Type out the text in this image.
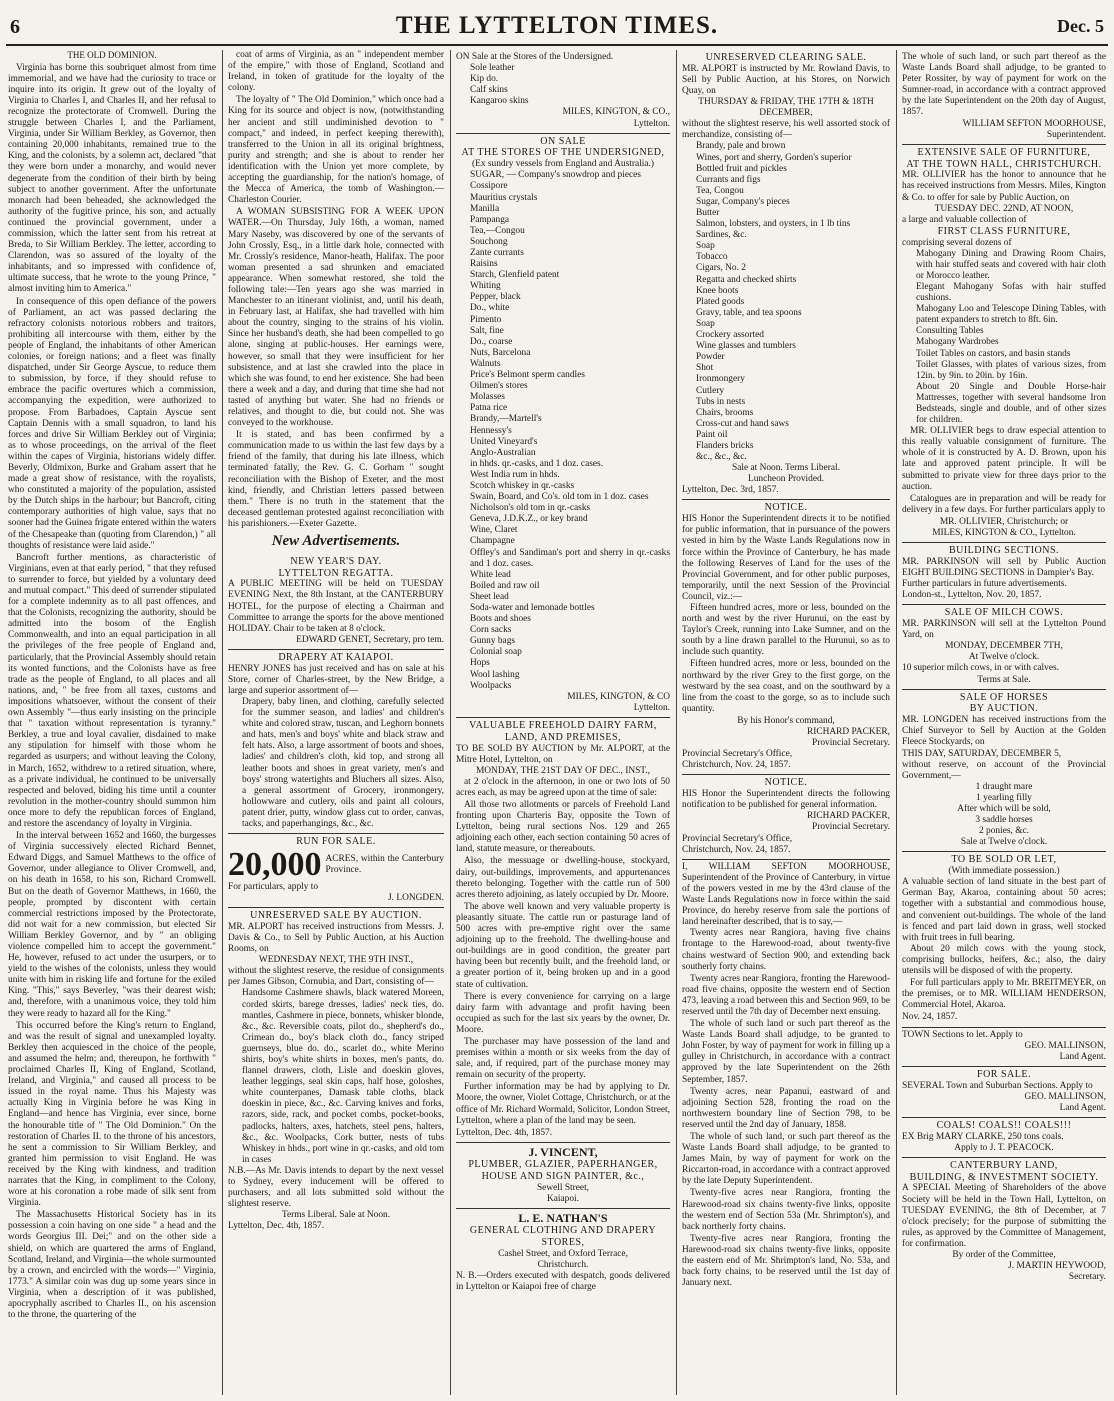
6	THE LYTTELTON TIMES.	Dec. 5
THE OLD DOMINION.

Virginia has borne this soubriquet almost from time immemorial, and we have had the curiosity to trace or inquire into its origin. It grew out of the loyalty of Virginia to Charles I, and Charles II, and her refusal to recognize the protectorate of Cromwell. During the struggle between Charles I, and the Parliament, Virginia, under Sir William Berkley, as Governor, then containing 20,000 inhabitants, remained true to the King, and the colonists, by a solemn act, declared "that they were born under a monarchy, and would never degenerate from the condition of their birth by being subject to another government. After the unfortunate monarch had been beheaded, she acknowledged the authority of the fugitive prince, his son, and actually continued the provincial government, under a commission, which the latter sent from his retreat at Breda, to Sir William Berkley. The letter, according to Clarendon, was so assured of the loyalty of the inhabitants, and so impressed with confidence of, ultimate success, that he wrote to the young Prince, " almost inviting him to America."

In consequence of this open defiance of the powers of Parliament, an act was passed declaring the refractory colonists notorious robbers and traitors, prohibiting all intercourse with them, either by the people of England, the inhabitants of other American colonies, or foreign nations; and a fleet was finally dispatched, under Sir George Ayscue, to reduce them to submission, by force, if they should refuse to embrace the pacific overtures which a commission, accompanying the expedition, were authorized to propose. From Barbadoes, Captain Ayscue sent Captain Dennis with a small squadron, to land his forces and drive Sir William Berkley out of Virginia; as to whose proceedings, on the arrival of the fleet within the capes of Virginia, historians widely differ. Beverly, Oldmixon, Burke and Graham assert that he made a great show of resistance, with the royalists, who constituted a majority of the population, assisted by the Dutch ships in the harbour; but Bancroft, citing contemporary authorities of high value, says that no sooner had the Guinea frigate entered within the waters of the Chesapeake than (quoting from Clarendon,) " all thoughts of resistance were laid aside."

Bancroft further mentions, as characteristic of Virginians, even at that early period, " that they refused to surrender to force, but yielded by a voluntary deed and mutual compact." This deed of surrender stipulated for a complete indemnity as to all past offences, and that the Colonists, recognizing the authority, should be admitted into the bosom of the English Commonwealth, and into an equal participation in all the privileges of the free people of England and, particularly, that the Provincial Assembly should retain its wonted functions, and the Colonists have as free trade as the people of England, to all places and all nations, and, " be free from all taxes, customs and impositions whatsoever, without the consent of their own Assembly "—thus early insisting on the principle that " taxation without representation is tyranny." Berkley, a true and loyal cavalier, disdained to make any stipulation for himself with those whom he regarded as usurpers; and without leaving the Colony, in March, 1652, withdrew to a retired situation, where, as a private individual, he continued to be universally respected and beloved, biding his time until a counter revolution in the mother-country should summon him once more to defy the republican forces of England, and restore the ascendancy of loyalty in Virginia.

In the interval between 1652 and 1660, the burgesses of Virginia successively elected Richard Bennet, Edward Diggs, and Samuel Matthews to the office of Governor, under allegiance to Oliver Cromwell, and, on his death in 1658, to his son, Richard Cromwell. But on the death of Governor Matthews, in 1660, the people, prompted by discontent with certain commercial restrictions imposed by the Protectorate, did not wait for a new commission, but elected Sir William Berkley Governor, and by " an obliging violence compelled him to accept the government." He, however, refused to act under the usurpers, or to yield to the wishes of the colonists, unless they would unite with him in risking life and fortune for the exiled King. "This," says Beverley, "was their dearest wish; and, therefore, with a unanimous voice, they told him they were ready to hazard all for the King."

This occurred before the King's return to England, and was the result of signal and unexampled loyalty. Berkley then acquiesced in the choice of the people, and assumed the helm; and, thereupon, he forthwith " proclaimed Charles II, King of England, Scotland, Ireland, and Virginia," and caused all process to be issued in the royal name. Thus his Majesty was actually King in Virginia before he was King in England—and hence has Virginia, ever since, borne the honourable title of " The Old Dominion." On the restoration of Charles II. to the throne of his ancestors, he sent a commission to Sir William Berkley, and granted him permission to visit England. He was received by the King with kindness, and tradition narrates that the King, in compliment to the Colony, wore at his coronation a robe made of silk sent from Virginia.

The Massachusetts Historical Society has in its possession a coin having on one side " a head and the words Georgius III. Dei;" and on the other side a shield, on which are quartered the arms of England, Scotland, Ireland, and Virginia—the whole surmounted by a crown, and encircled with the words—" Virginia, 1773." A similar coin was dug up some years since in Virginia, when a description of it was published, apocryphally ascribed to Charles II., on his ascension to the throne, the quartering of the

coat of arms of Virginia, as an " independent member of the empire," with those of England, Scotland and Ireland, in token of gratitude for the loyalty of the colony.

The loyalty of " The Old Dominion," which once had a King for its source and object is now, (notwithstanding her ancient and still undiminished devotion to " compact," and indeed, in perfect keeping therewith), transferred to the Union in all its original brightness, purity and strength; and she is about to render her identification with the Union yet more complete, by accepting the guardianship, for the nation's homage, of the Mecca of America, the tomb of Washington.—Charleston Courier.

A WOMAN SUBSISTING FOR A WEEK UPON WATER.—On Thursday, July 16th, a woman, named Mary Naseby, was discovered by one of the servants of John Crossly, Esq., in a little dark hole, connected with Mr. Crossly's residence, Manor-heath, Halifax. The poor woman presented a sad shrunken and emaciated appearance. When somewhat restored, she told the following tale:—Ten years ago she was married in Manchester to an itinerant violinist, and, until his death, in February last, at Halifax, she had travelled with him about the country, singing to the strains of his violin. Since her husband's death, she had been compelled to go alone, singing at public-houses. Her earnings were, however, so small that they were insufficient for her subsistence, and at last she crawled into the place in which she was found, to end her existence. She had been there a week and a day, and during that time she had not tasted of anything but water. She had no friends or relatives, and thought to die, but could not. She was conveyed to the workhouse.

It is stated, and has been confirmed by a communication made to us within the last few days by a friend of the family, that during his late illness, which terminated fatally, the Rev. G. C. Gorham " sought reconciliation with the Bishop of Exeter, and the most kind, friendly, and Christian letters passed between them." There is no truth in the statement that the deceased gentleman protested against reconciliation with his parishioners.—Exeter Gazette.

New Advertisements.
NEW YEAR'S DAY.
LYTTELTON REGATTA.
A PUBLIC MEETING will be held on TUESDAY EVENING Next, the 8th Instant, at the CANTERBURY HOTEL, for the purpose of electing a Chairman and Committee to arrange the sports for the above mentioned HOLIDAY. Chair to be taken at 8 o'clock.
EDWARD GENET, Secretary, pro tem.
DRAPERY AT KAIAPOI.
HENRY JONES has just received and has on sale at his Store, corner of Charles-street, by the New Bridge, a large and superior assortment of—
Drapery, baby linen, and clothing, carefully selected for the summer season, and ladies' and children's white and colored straw, tuscan, and Leghorn bonnets and hats, men's and boys' white and black straw and felt hats. Also, a large assortment of boots and shoes, ladies' and children's cloth, kid top, and strong all leather boots and shoes in great variety, men's and boys' strong watertights and Bluchers all sizes. Also, a general assortment of Grocery, ironmongery, hollowware and cutlery, oils and paint all colours, patent drier, putty, window glass cut to order, canvas, tacks, and paperhangings, &c., &c.
RUN FOR SALE.
20,000 ACRES, within the Canterbury Province.
For particulars, apply to
J. LONGDEN.
UNRESERVED SALE BY AUCTION.
MR. ALPORT has received instructions from Messrs. J. Davis & Co., to Sell by Public Auction, at his Auction Rooms, on
WEDNESDAY NEXT, THE 9TH INST.,
without the slightest reserve, the residue of consignments per James Gibson, Cornubia, and Dart, consisting of—
Handsome Cashmere shawls, black watered Moreen, corded skirts, barege dresses, ladies' neck ties, do. mantles, Cashmere in piece, bonnets, whisker blonde, &c., &c. Reversible coats, pilot do., shepherd's do., Crimean do., boy's black cloth do., fancy striped guernseys, blue do. do., scarlet do., white Merino shirts, boy's white shirts in boxes, men's pants, do. flannel drawers, cloth, Lisle and doeskin gloves, leather leggings, seal skin caps, half hose, goloshes, white counterpanes, Damask table cloths, black doeskin in piece, &c., &c. Carving knives and forks, razors, side, rack, and pocket combs, pocket-books, padlocks, halters, axes, hatchets, steel pens, halters, &c., &c. Woolpacks, Cork butter, nests of tubs Whiskey in hhds., port wine in qr.-casks, and old tom in cases
N.B.—As Mr. Davis intends to depart by the next vessel to Sydney, every inducement will be offered to purchasers, and all lots submitted sold without the slightest reserve.
Terms Liberal. Sale at Noon.
Lyttelton, Dec. 4th, 1857.
ON Sale at the Stores of the Undersigned.
Sole leather
Kip do.
Calf skins
Kangaroo skins
MILES, KINGTON, & CO.,
Lyttelton.
ON SALE
AT THE STORES OF THE UNDERSIGNED,
(Ex sundry vessels from England and Australia.)
SUGAR, — Company's snowdrop and pieces
Cossipore
Mauritius crystals
Manilla
Pampanga
Tea,—Congou
Souchong
Zante currants
Raisins
Starch, Glenfield patent
Whiting
Pepper, black
Do., white
Pimento
Salt, fine
Do., coarse
Nuts, Barcelona
Walnuts
Price's Belmont sperm candles
Oilmen's stores
Molasses
Patna rice
Brandy,—Martell's
Hennessy's
United Vineyard's
Anglo-Australian
in hhds. qr.-casks, and 1 doz. cases.
West India rum in hhds.
Scotch whiskey in qr.-casks
Swain, Board, and Co's. old tom in 1 doz. cases
Nicholson's old tom in qr.-casks
Geneva, J.D.K.Z., or key brand
Wine, Claret
Champagne
Offley's and Sandiman's port and sherry in qr.-casks and 1 doz. cases.
White lead
Boiled and raw oil
Sheet lead
Soda-water and lemonade bottles
Boots and shoes
Corn sacks
Gunny bags
Colonial soap
Hops
Wool lashing
Woolpacks
MILES, KINGTON, & CO
Lyttelton.
VALUABLE FREEHOLD DAIRY FARM, LAND, AND PREMISES,
TO BE SOLD BY AUCTION by Mr. ALPORT, at the Mitre Hotel, Lyttelton, on
MONDAY, THE 21ST DAY OF DEC., INST.,

at 2 o'clock in the afternoon, in one or two lots of 50 acres each, as may be agreed upon at the time of sale:

All those two allotments or parcels of Freehold Land fronting upon Charteris Bay, opposite the Town of Lyttelton, being rural sections Nos. 129 and 265 adjoining each other, each section containing 50 acres of land, statute measure, or thereabouts.

Also, the messuage or dwelling-house, stockyard, dairy, out-buildings, improvements, and appurtenances thereto belonging. Together with the cattle run of 500 acres thereto adjoining, as lately occupied by Dr. Moore.

The above well known and very valuable property is pleasantly situate. The cattle run or pasturage land of 500 acres with pre-emptive right over the same adjoining up to the freehold. The dwelling-house and out-buildings are in good condition, the greater part having been but recently built, and the freehold land, or a greater portion of it, being broken up and in a good state of cultivation.

There is every convenience for carrying on a large dairy farm with advantage and profit having been occupied as such for the last six years by the owner, Dr. Moore.

The purchaser may have possession of the land and premises within a month or six weeks from the day of sale, and, if required, part of the purchase money may remain on security of the property.

Further information may be had by applying to Dr. Moore, the owner, Violet Cottage, Christchurch, or at the office of Mr. Richard Wormald, Solicitor, London Street, Lyttelton, where a plan of the land may be seen.

Lyttelton, Dec. 4th, 1857.
J. VINCENT,
PLUMBER, GLAZIER, PAPERHANGER,
HOUSE AND SIGN PAINTER, &c.,
Sewell Street,
Kaiapoi.
L. E. NATHAN'S
GENERAL CLOTHING AND DRAPERY STORES,
Cashel Street, and Oxford Terrace,
Christchurch.
N. B.—Orders executed with despatch, goods delivered in Lyttelton or Kaiapoi free of charge
UNRESERVED CLEARING SALE.
MR. ALPORT is instructed by Mr. Rowland Davis, to Sell by Public Auction, at his Stores, on Norwich Quay, on
THURSDAY & FRIDAY, THE 17TH & 18TH DECEMBER,
without the slightest reserve, his well assorted stock of merchandize, consisting of—
Brandy, pale and brown
Wines, port and sherry, Gorden's superior
Bottled fruit and pickles
Currants and figs
Tea, Congou
Sugar, Company's pieces
Butter
Salmon, lobsters, and oysters, in 1 lb tins
Sardines, &c.
Soap
Tobacco
Cigars, No. 2
Regatta and checked shirts
Knee boots
Plated goods
Gravy, table, and tea spoons
Soap
Crockery assorted
Wine glasses and tumblers
Powder
Shot
Ironmongery
Cutlery
Tubs in nests
Chairs, brooms
Cross-cut and hand saws
Paint oil
Flanders bricks
&c., &c., &c.
Sale at Noon. Terms Liberal.
Luncheon Provided.
Lyttelton, Dec. 3rd, 1857.
NOTICE.
HIS Honor the Superintendent directs it to be notified for public information, that in pursuance of the powers vested in him by the Waste Lands Regulations now in force within the Province of Canterbury, he has made the following Reserves of Land for the uses of the Provincial Government, and for other public purposes, temporarily, until the next Session of the Provincial Council, viz.:—

Fifteen hundred acres, more or less, bounded on the north and west by the river Hurunui, on the east by Taylor's Creek, running into Lake Sumner, and on the south by a line drawn parallel to the Hurunui, so as to include such quantity.

Fifteen hundred acres, more or less, bounded on the northward by the river Grey to the first gorge, on the westward by the sea coast, and on the southward by a line from the coast to the gorge, so as to include such quantity.

By his Honor's command,
RICHARD PACKER,
Provincial Secretary.
Provincial Secretary's Office,
Christchurch, Nov. 24, 1857.
NOTICE.
HIS Honor the Superintendent directs the following notification to be published for general information.
RICHARD PACKER,
Provincial Secretary.
Provincial Secretary's Office,
Christchurch, Nov. 24, 1857.
I, WILLIAM SEFTON MOORHOUSE, Superintendent of the Province of Canterbury, in virtue of the powers vested in me by the 43rd clause of the Waste Lands Regulations now in force within the said Province, do hereby reserve from sale the portions of land hereinafter described, that is to say,—

Twenty acres near Rangiora, having five chains frontage to the Harewood-road, about twenty-five chains westward of Section 900, and extending back southerly forty chains.

Twenty acres near Rangiora, fronting the Harewood-road five chains, opposite the western end of Section 473, leaving a road between this and Section 969, to be reserved until the 7th day of December next ensuing.

The whole of such land or such part thereof as the Waste Lands Board shall adjudge, to be granted to John Foster, by way of payment for work in filling up a gulley in Christchurch, in accordance with a contract approved by the late Superintendent on the 26th September, 1857.

Twenty acres, near Papanui, eastward of and adjoining Section 528, fronting the road on the northwestern boundary line of Section 798, to be reserved until the 2nd day of January, 1858.

The whole of such land, or such part thereof as the Waste Lands Board shall adjudge, to be granted to James Main, by way of payment for work on the Riccarton-road, in accordance with a contract approved by the late Deputy Superintendent.

Twenty-five acres near Rangiora, fronting the Harewood-road six chains twenty-five links, opposite the western end of Section 53a (Mr. Shrimpton's), and back northerly forty chains.

Twenty-five acres near Rangiora, fronting the Harewood-road six chains twenty-five links, opposite the eastern end of Mr. Shrimpton's land, No. 53a, and back forty chains, to be reserved until the 1st day of January next.

The whole of such land, or such part thereof as the Waste Lands Board shall adjudge, to be granted to Peter Rossiter, by way of payment for work on the Sumner-road, in accordance with a contract approved by the late Superintendent on the 20th day of August, 1857.
WILLIAM SEFTON MOORHOUSE,
Superintendent.
EXTENSIVE SALE OF FURNITURE,
AT THE TOWN HALL, CHRISTCHURCH.
MR. OLLIVIER has the honor to announce that he has received instructions from Messrs. Miles, Kington & Co. to offer for sale by Public Auction, on
TUESDAY DEC. 22ND, AT NOON,
a large and valuable collection of
FIRST CLASS FURNITURE,
comprising several dozens of
Mahogany Dining and Drawing Room Chairs, with hair stuffed seats and covered with hair cloth or Morocco leather.
Elegant Mahogany Sofas with hair stuffed cushions.
Mahogany Loo and Telescope Dining Tables, with patent expanders to stretch to 8ft. 6in.
Consulting Tables
Mahogany Wardrobes
Toilet Tables on castors, and basin stands
Toilet Glasses, with plates of various sizes, from 12in. by 9in. to 20in. by 16in.
About 20 Single and Double Horse-hair Mattresses, together with several handsome Iron Bedsteads, single and double, and of other sizes for children.

MR. OLLIVIER begs to draw especial attention to this really valuable consignment of furniture. The whole of it is constructed by A. D. Brown, upon his late and approved patent principle. It will be submitted to private view for three days prior to the auction.

Catalogues are in preparation and will be ready for delivery in a few days. For further particulars apply to

MR. OLLIVIER, Christchurch; or
MILES, KINGTON & CO., Lyttelton.
BUILDING SECTIONS.
MR. PARKINSON will sell by Public Auction EIGHT BUILDING SECTIONS in Dampier's Bay.
Further particulars in future advertisements.
London-st., Lyttelton, Nov. 20, 1857.
SALE OF MILCH COWS.
MR. PARKINSON will sell at the Lyttelton Pound Yard, on
MONDAY, DECEMBER 7TH,
At Twelve o'clock.
10 superior milch cows, in or with calves.
Terms at Sale.
SALE OF HORSES
BY AUCTION.
MR. LONGDEN has received instructions from the Chief Surveyor to Sell by Auction at the Golden Fleece Stockyards, on
THIS DAY, SATURDAY, DECEMBER 5,
without reserve, on account of the Provincial Government,—
1 draught mare
1 yearling filly
After which will be sold,
3 saddle horses
2 ponies, &c.
Sale at Twelve o'clock.
TO BE SOLD OR LET,
(With immediate possession.)
A valuable section of land situate in the best part of German Bay, Akaroa, containing about 50 acres; together with a substantial and commodious house, and convenient out-buildings. The whole of the land is fenced and part laid down in grass, well stocked with fruit trees in full bearing.

About 20 milch cows with the young stock, comprising bullocks, heifers, &c.; also, the dairy utensils will be disposed of with the property.

For full particulars apply to Mr. BREITMEYER, on the premises, or to MR. WILLIAM HENDERSON, Commercial Hotel, Akaroa.

Nov. 24, 1857.
TOWN Sections to let. Apply to
GEO. MALLINSON,
Land Agent.
FOR SALE.
SEVERAL Town and Suburban Sections. Apply to
GEO. MALLINSON,
Land Agent.
COALS! COALS!! COALS!!!
EX Brig MARY CLARKE, 250 tons coals.
Apply to J. T. PEACOCK.
CANTERBURY LAND,
BUILDING, & INVESTMENT SOCIETY.
A SPECIAL Meeting of Shareholders of the above Society will be held in the Town Hall, Lyttelton, on TUESDAY EVENING, the 8th of December, at 7 o'clock precisely; for the purpose of submitting the rules, as approved by the Committee of Management, for confirmation.
By order of the Committee,
J. MARTIN HEYWOOD,
Secretary.
